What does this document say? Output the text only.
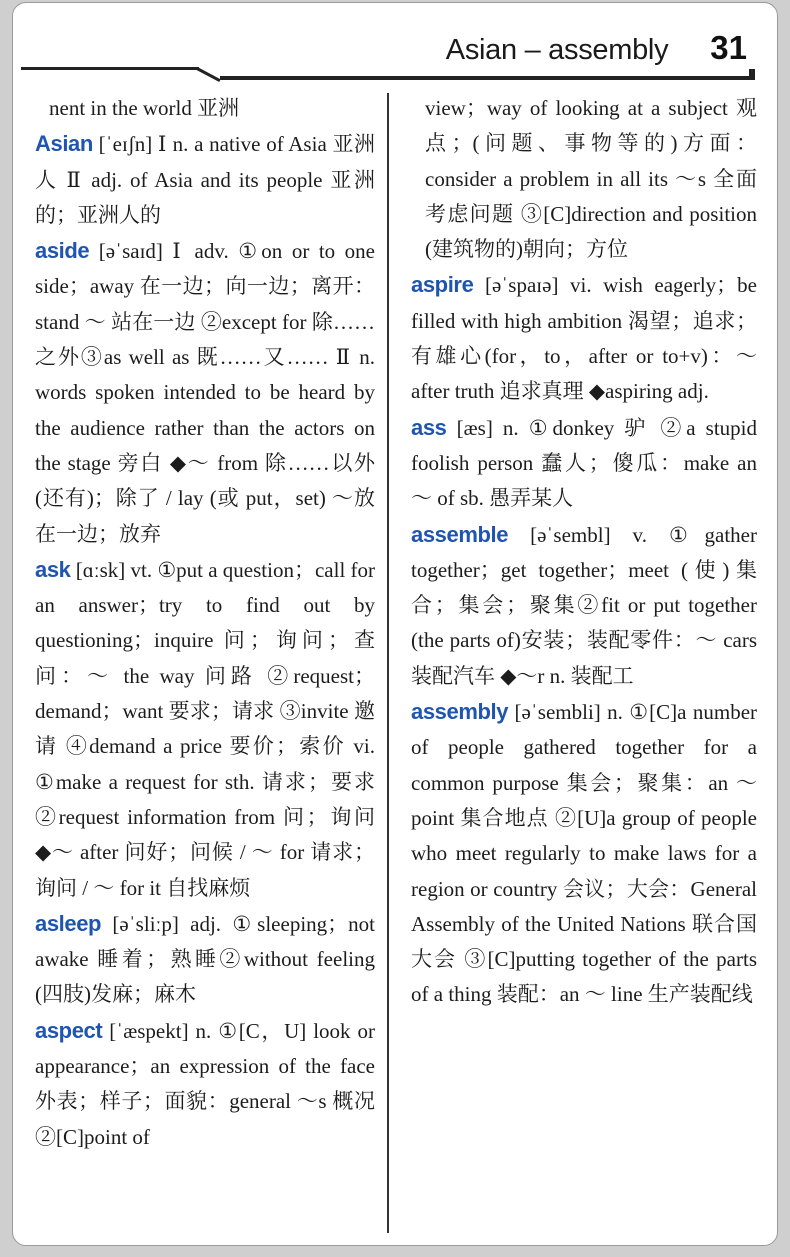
Asian – assembly 31

nent in the world 亚洲

Asian [ˈeɪʃn] Ⅰ n. a native of Asia 亚洲人 Ⅱ adj. of Asia and its people 亚洲的；亚洲人的

aside [əˈsaɪd] Ⅰ adv. ①on or to one side；away 在一边；向一边；离开：stand ～ 站在一边 ②except for 除……之外③as well as 既……又…… Ⅱ n. words spoken intended to be heard by the audience rather than the actors on the stage 旁白 ◆～ from 除……以外(还有)；除了 / lay (或 put，set) ～放在一边；放弃

ask [ɑːsk] vt. ①put a question；call for an answer；try to find out by questioning；inquire 问；询问；查问：～ the way 问路 ②request；demand；want 要求；请求 ③invite 邀请 ④demand a price 要价；索价 vi. ①make a request for sth. 请求；要求②request information from 问；询问 ◆～ after 问好；问候 / ～ for 请求；询问 / ～ for it 自找麻烦

asleep [əˈsliːp] adj. ①sleeping；not awake 睡着；熟睡②without feeling (四肢)发麻；麻木

aspect [ˈæspekt] n. ①[C，U] look or appearance；an expression of the face 外表；样子；面貌：general ～s 概况 ②[C]point of

view；way of looking at a subject 观点；(问题、事物等的)方面：consider a problem in all its ～s 全面考虑问题 ③[C]direction and position (建筑物的)朝向；方位

aspire [əˈspaɪə] vi. wish eagerly；be filled with high ambition 渴望；追求；有雄心(for，to，after or to+v)：～ after truth 追求真理 ◆aspiring adj.

ass [æs] n. ①donkey 驴 ②a stupid foolish person 蠢人；傻瓜：make an ～ of sb. 愚弄某人

assemble [əˈsembl] v. ①gather together；get together；meet (使)集合；集会；聚集②fit or put together (the parts of)安装；装配零件：～ cars 装配汽车 ◆～r n. 装配工

assembly [əˈsembli] n. ①[C]a number of people gathered together for a common purpose 集会；聚集：an ～ point 集合地点 ②[U]a group of people who meet regularly to make laws for a region or country 会议；大会：General Assembly of the United Nations 联合国大会 ③[C]putting together of the parts of a thing 装配：an ～ line 生产装配线
